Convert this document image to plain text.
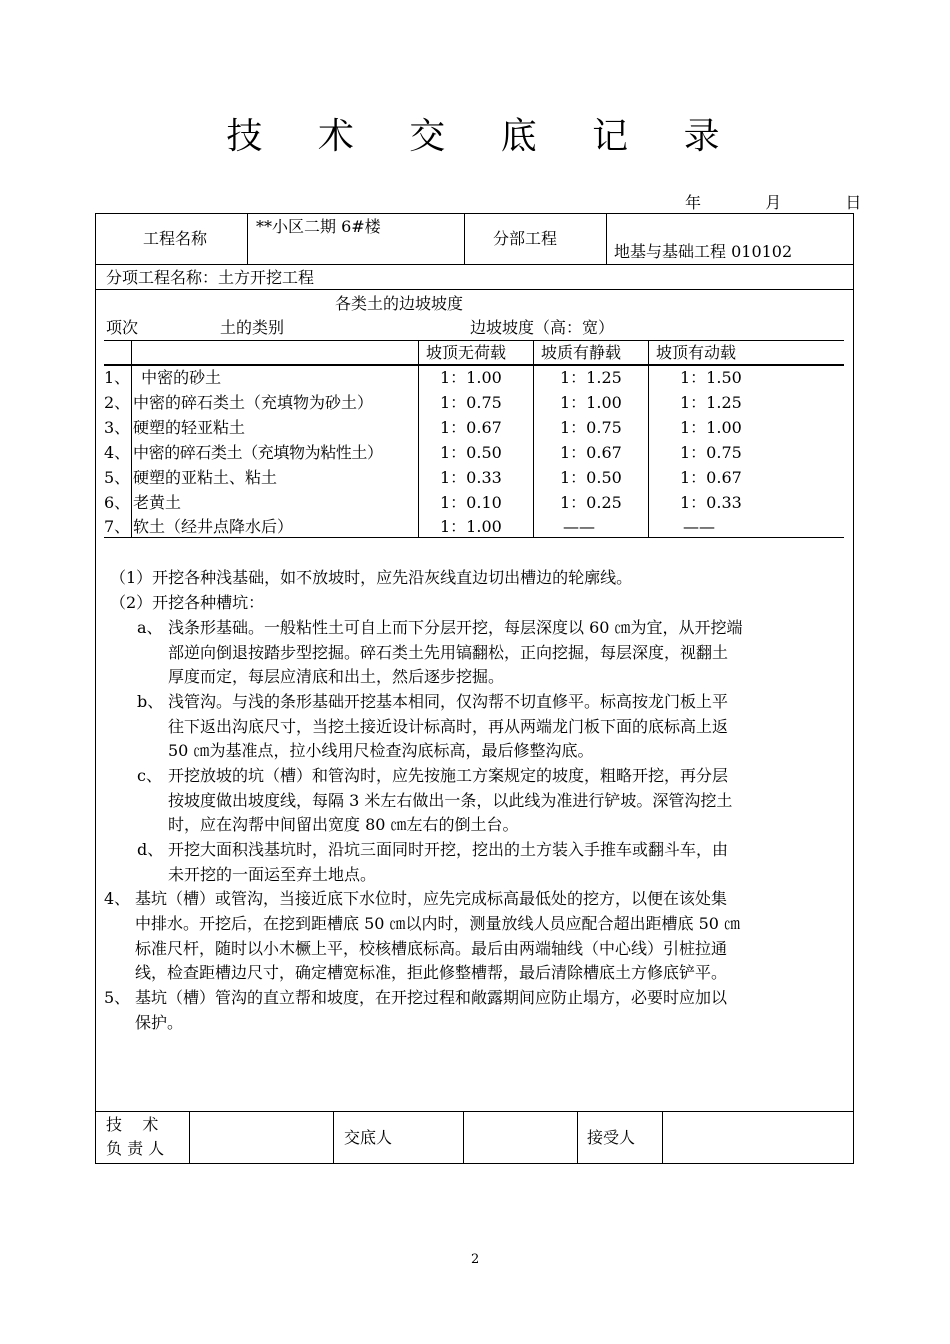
技 术 交 底 记 录
年	月	日
工程名称
**小区二期 6#楼
分部工程
地基与基础工程 010102
分项工程名称：土方开挖工程
各类土的边坡坡度
项次	土的类别	边坡坡度（高：宽）
坡顶无荷载 坡质有静载 坡顶有动载
1、 中密的砂土	1：1.00	1：1.25	1：1.50
2、 中密的碎石类土（充填物为砂土）	1：0.75	1：1.00	1：1.25
3、 硬塑的轻亚粘土	1：0.67	1：0.75	1：1.00
4、 中密的碎石类土（充填物为粘性土）	1：0.50	1：0.67	1：0.75
5、 硬塑的亚粘土、粘土	1：0.33	1：0.50	1：0.67
6、 老黄土	1：0.10	1：0.25	1：0.33
7、 软土（经井点降水后）	1：1.00	——	——
（1）开挖各种浅基础，如不放坡时，应先沿灰线直边切出槽边的轮廓线。
（2）开挖各种槽坑：
a、 浅条形基础。一般粘性土可自上而下分层开挖，每层深度以 60 ㎝为宜，从开挖端
部逆向倒退按踏步型挖掘。碎石类土先用镐翻松，正向挖掘，每层深度，视翻土
厚度而定，每层应清底和出土，然后逐步挖掘。
b、 浅管沟。与浅的条形基础开挖基本相同，仅沟帮不切直修平。标高按龙门板上平
往下返出沟底尺寸，当挖土接近设计标高时，再从两端龙门板下面的底标高上返
50 ㎝为基准点，拉小线用尺检查沟底标高，最后修整沟底。
c、 开挖放坡的坑（槽）和管沟时，应先按施工方案规定的坡度，粗略开挖，再分层
按坡度做出坡度线，每隔 3 米左右做出一条，以此线为准进行铲坡。深管沟挖土
时，应在沟帮中间留出宽度 80 ㎝左右的倒土台。
d、 开挖大面积浅基坑时，沿坑三面同时开挖，挖出的土方装入手推车或翻斗车，由
未开挖的一面运至弃土地点。
4、 基坑（槽）或管沟，当接近底下水位时，应先完成标高最低处的挖方，以便在该处集
中排水。开挖后，在挖到距槽底 50 ㎝以内时，测量放线人员应配合超出距槽底 50 ㎝
标准尺杆，随时以小木橛上平，校核槽底标高。最后由两端轴线（中心线）引桩拉通
线，检查距槽边尺寸，确定槽宽标准，拒此修整槽帮，最后清除槽底土方修底铲平。
5、 基坑（槽）管沟的直立帮和坡度，在开挖过程和敞露期间应防止塌方，必要时应加以
保护。
技    术
负 责 人
交底人	接受人
2
